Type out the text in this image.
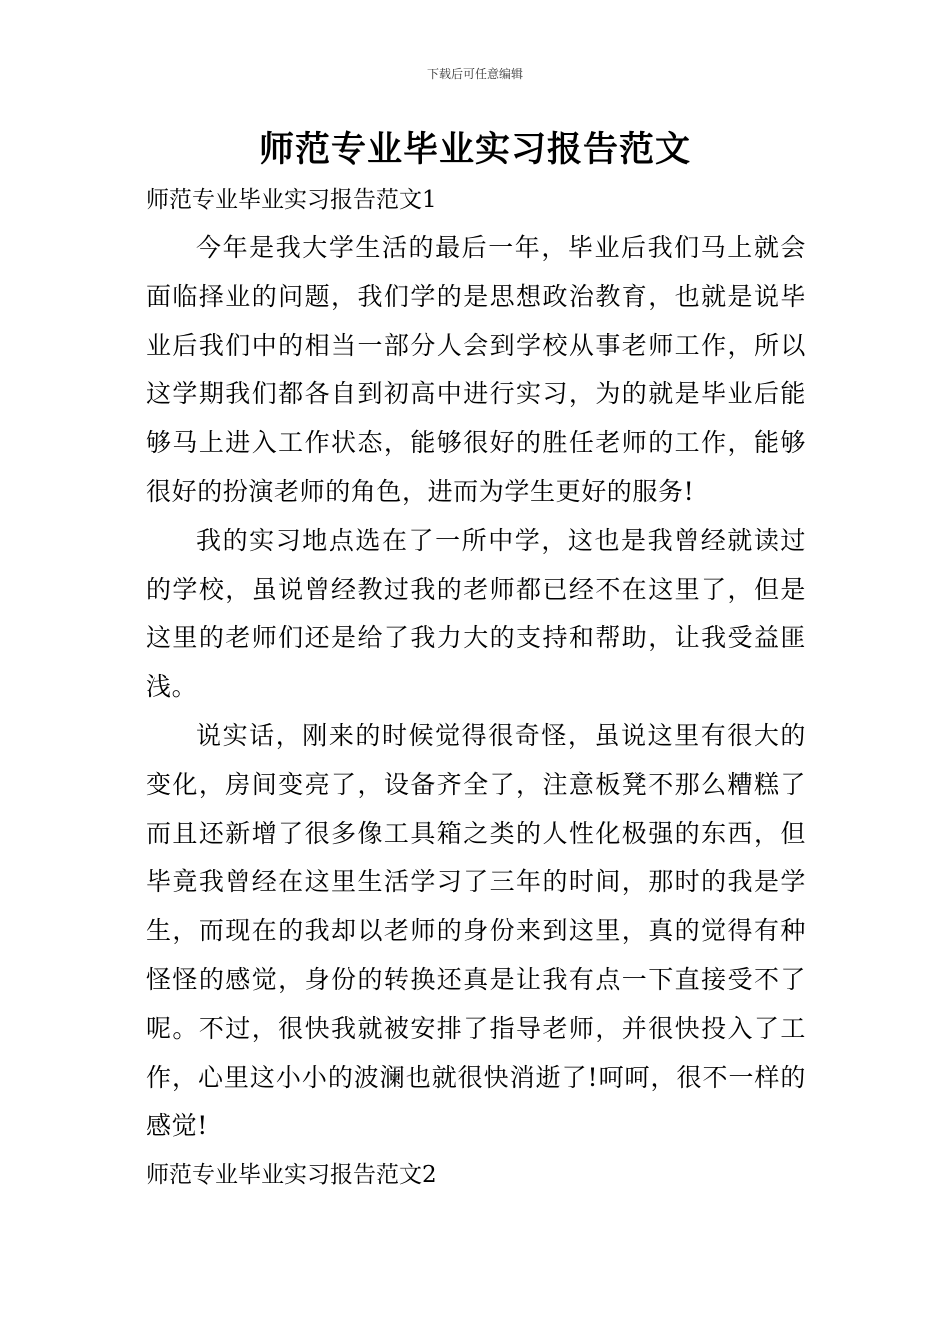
下载后可任意编辑
师范专业毕业实习报告范文
师范专业毕业实习报告范文1

今年是我大学生活的最后一年，毕业后我们马上就会面临择业的问题，我们学的是思想政治教育，也就是说毕业后我们中的相当一部分人会到学校从事老师工作，所以这学期我们都各自到初高中进行实习，为的就是毕业后能够马上进入工作状态，能够很好的胜任老师的工作，能够很好的扮演老师的角色，进而为学生更好的服务!

我的实习地点选在了一所中学，这也是我曾经就读过的学校，虽说曾经教过我的老师都已经不在这里了，但是这里的老师们还是给了我力大的支持和帮助，让我受益匪浅。

说实话，刚来的时候觉得很奇怪，虽说这里有很大的变化，房间变亮了，设备齐全了，注意板凳不那么糟糕了而且还新增了很多像工具箱之类的人性化极强的东西，但毕竟我曾经在这里生活学习了三年的时间，那时的我是学生，而现在的我却以老师的身份来到这里，真的觉得有种怪怪的感觉，身份的转换还真是让我有点一下直接受不了呢。不过，很快我就被安排了指导老师，并很快投入了工作，心里这小小的波澜也就很快消逝了!呵呵，很不一样的感觉!

师范专业毕业实习报告范文2
